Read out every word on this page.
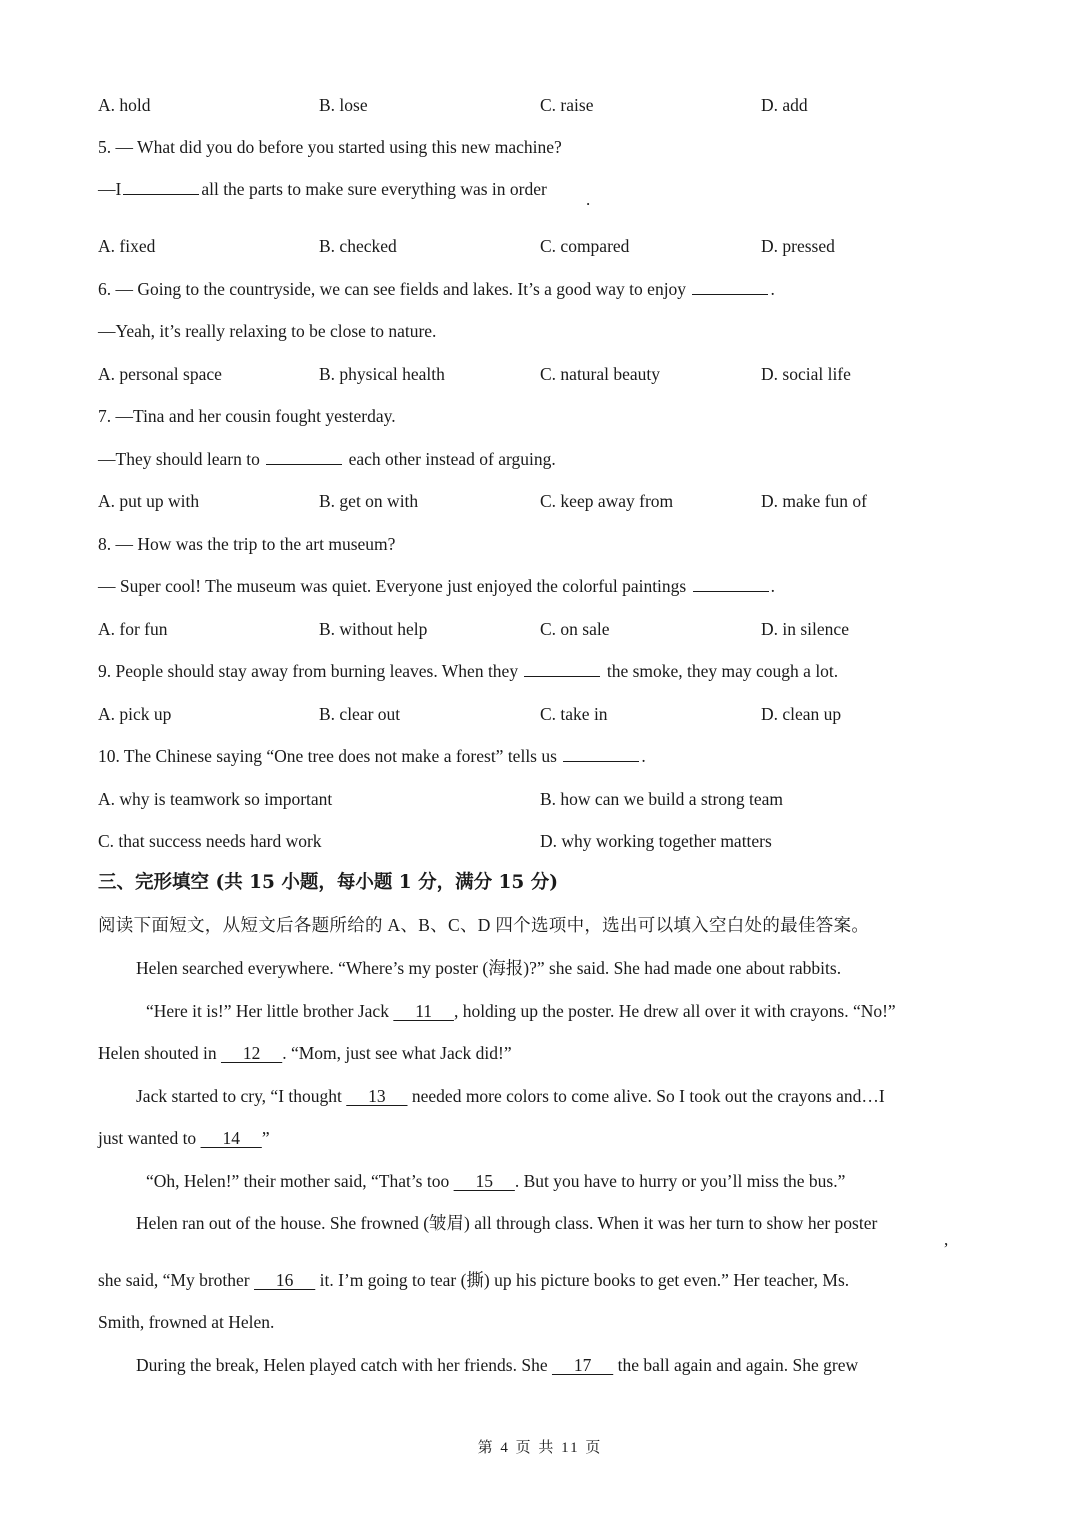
A. hold	B. lose	C. raise	D. add
5. — What did you do before you started using this new machine?
—I	all the parts to make sure everything was in order
.
A. fixed	B. checked	C. compared	D. pressed
6. — Going to the countryside, we can see fields and lakes. It’s a good way to enjoy	.
—Yeah, it’s really relaxing to be close to nature.
A. personal space	B. physical health	C. natural beauty	D. social life
7. —Tina and her cousin fought yesterday.
—They should learn to	each other instead of arguing.
A. put up with	B. get on with	C. keep away from	D. make fun of
8. — How was the trip to the art museum?
— Super cool! The museum was quiet. Everyone just enjoyed the colorful paintings	.
A. for fun	B. without help	C. on sale	D. in silence
9. People should stay away from burning leaves. When they	the smoke, they may cough a lot.
A. pick up	B. clear out	C. take in	D. clean up
10. The Chinese saying “One tree does not make a forest” tells us	.
A. why is teamwork so important	B. how can we build a strong team
C. that success needs hard work	D. why working together matters
三、完形填空 (共 15 小题，每小题 1 分，满分 15 分)
阅读下面短文，从短文后各题所给的 A、B、C、D 四个选项中，选出可以填入空白处的最佳答案。
Helen searched everywhere. “Where’s my poster (海报)?” she said. She had made one about rabbits.
“Here it is!” Her little brother Jack      11     , holding up the poster. He drew all over it with crayons. “No!”
Helen shouted in      12     . “Mom, just see what Jack did!”
Jack started to cry, “I thought      13      needed more colors to come alive. So I took out the crayons and…I
just wanted to      14     ”
“Oh, Helen!” their mother said, “That’s too      15     . But you have to hurry or you’ll miss the bus.”
Helen ran out of the house. She frowned (皱眉) all through class. When it was her turn to show her poster
,
she said, “My brother      16      it. I’m going to tear (撕) up his picture books to get even.” Her teacher, Ms.
Smith, frowned at Helen.
During the break, Helen played catch with her friends. She      17      the ball again and again. She grew
第 4 页 共 11 页
